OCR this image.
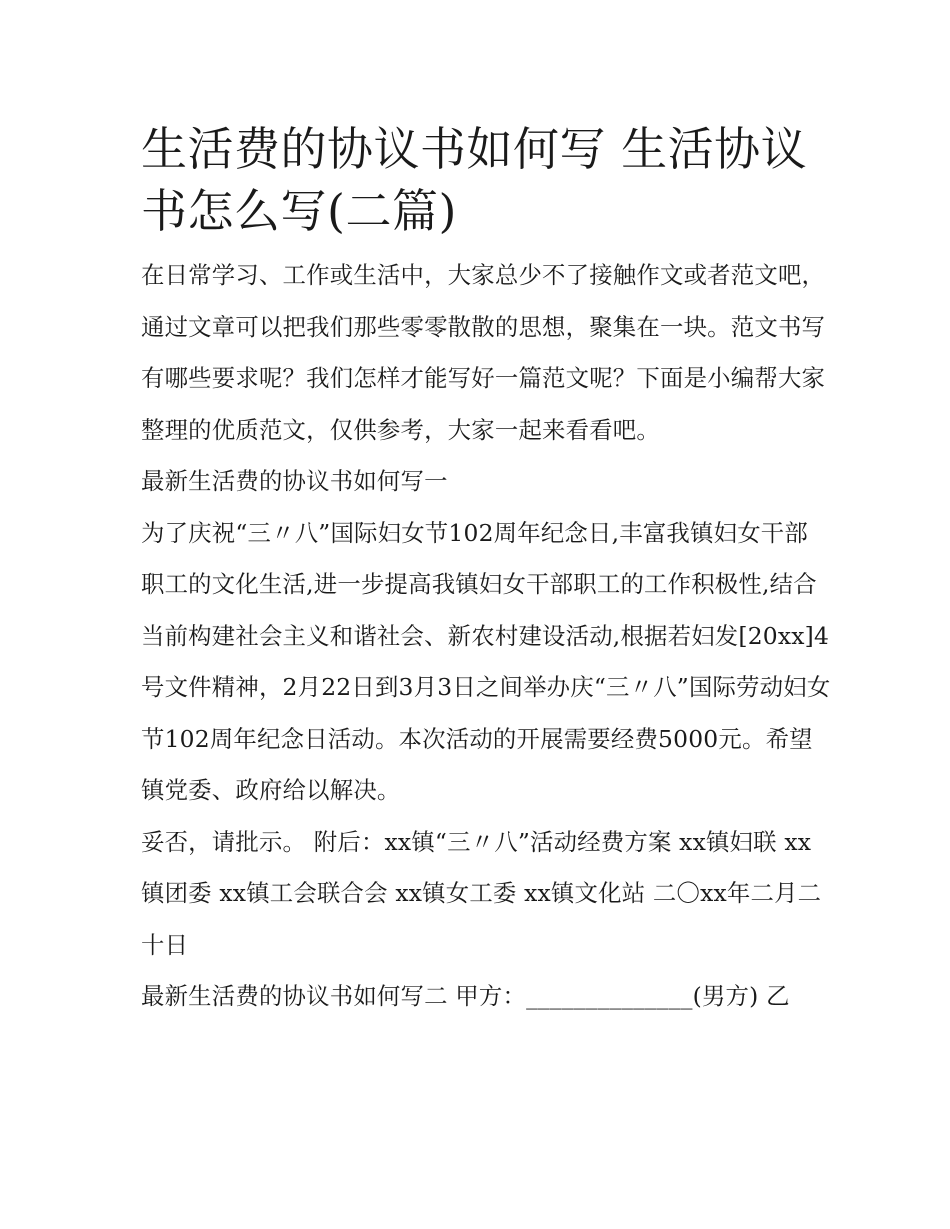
生活费的协议书如何写 生活协议书怎么写(二篇)

在日常学习、工作或生活中，大家总少不了接触作文或者范文吧，通过文章可以把我们那些零零散散的思想，聚集在一块。范文书写有哪些要求呢？我们怎样才能写好一篇范文呢？下面是小编帮大家整理的优质范文，仅供参考，大家一起来看看吧。

最新生活费的协议书如何写一

为了庆祝“三〃八”国际妇女节102周年纪念日,丰富我镇妇女干部职工的文化生活,进一步提高我镇妇女干部职工的工作积极性,结合当前构建社会主义和谐社会、新农村建设活动,根据若妇发[20xx]4号文件精神，2月22日到3月3日之间举办庆“三〃八”国际劳动妇女节102周年纪念日活动。本次活动的开展需要经费5000元。希望镇党委、政府给以解决。

妥否，请批示。 附后：xx镇“三〃八”活动经费方案 xx镇妇联 xx镇团委 xx镇工会联合会 xx镇女工委 xx镇文化站 二〇xx年二月二十日

最新生活费的协议书如何写二 甲方：______________(男方) 乙
